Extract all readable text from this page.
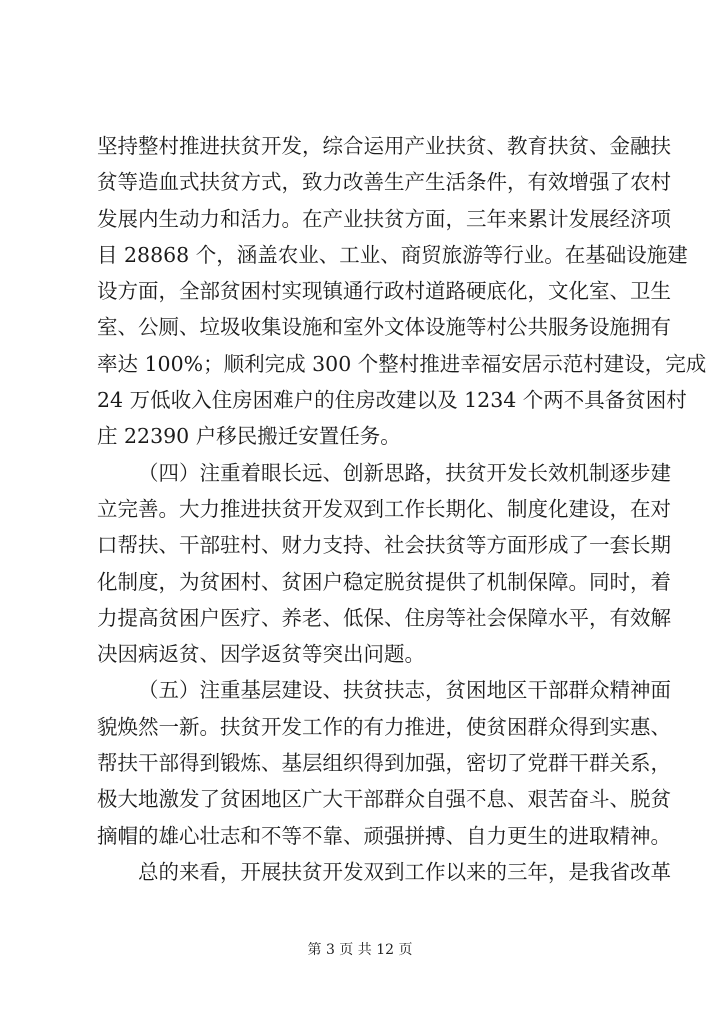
坚持整村推进扶贫开发，综合运用产业扶贫、教育扶贫、金融扶
贫等造血式扶贫方式，致力改善生产生活条件，有效增强了农村
发展内生动力和活力。在产业扶贫方面，三年来累计发展经济项
目 28868 个，涵盖农业、工业、商贸旅游等行业。在基础设施建
设方面，全部贫困村实现镇通行政村道路硬底化，文化室、卫生
室、公厕、垃圾收集设施和室外文体设施等村公共服务设施拥有
率达 100%；顺利完成 300 个整村推进幸福安居示范村建设，完成
24 万低收入住房困难户的住房改建以及 1234 个两不具备贫困村
庄 22390 户移民搬迁安置任务。
（四）注重着眼长远、创新思路，扶贫开发长效机制逐步建
立完善。大力推进扶贫开发双到工作长期化、制度化建设，在对
口帮扶、干部驻村、财力支持、社会扶贫等方面形成了一套长期
化制度，为贫困村、贫困户稳定脱贫提供了机制保障。同时，着
力提高贫困户医疗、养老、低保、住房等社会保障水平，有效解
决因病返贫、因学返贫等突出问题。
（五）注重基层建设、扶贫扶志，贫困地区干部群众精神面
貌焕然一新。扶贫开发工作的有力推进，使贫困群众得到实惠、
帮扶干部得到锻炼、基层组织得到加强，密切了党群干群关系，
极大地激发了贫困地区广大干部群众自强不息、艰苦奋斗、脱贫
摘帽的雄心壮志和不等不靠、顽强拼搏、自力更生的进取精神。
总的来看，开展扶贫开发双到工作以来的三年，是我省改革
第 3 页 共 12 页
